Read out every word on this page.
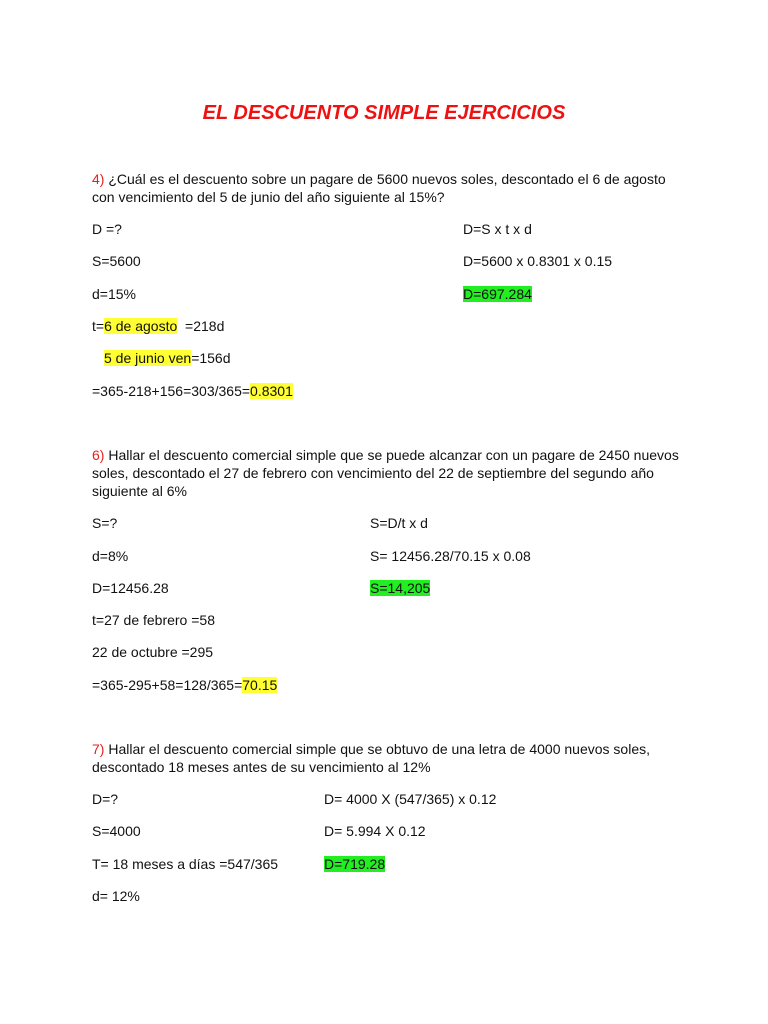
EL DESCUENTO SIMPLE EJERCICIOS
4) ¿Cuál es el descuento sobre un pagare de 5600 nuevos soles, descontado el 6 de agosto con vencimiento del 5 de junio del año siguiente al 15%?
D =?
S=5600
d=15%
t=6 de agosto  =218d
5 de junio ven=156d
=365-218+156=303/365=0.8301
D=S x t x d
D=5600 x 0.8301 x 0.15
D=697.284
6) Hallar el descuento comercial simple que se puede alcanzar con un pagare de 2450 nuevos soles, descontado el 27 de febrero con vencimiento del 22 de septiembre del segundo año siguiente al 6%
S=?
d=8%
D=12456.28
t=27 de febrero =58
22 de octubre =295
=365-295+58=128/365=70.15
S=D/t x d
S= 12456.28/70.15 x 0.08
S=14,205
7) Hallar el descuento comercial simple que se obtuvo de una letra de 4000 nuevos soles, descontado 18 meses antes de su vencimiento al 12%
D=?
S=4000
T= 18 meses a días =547/365
d= 12%
D= 4000 X (547/365) x 0.12
D= 5.994 X 0.12
D=719.28
